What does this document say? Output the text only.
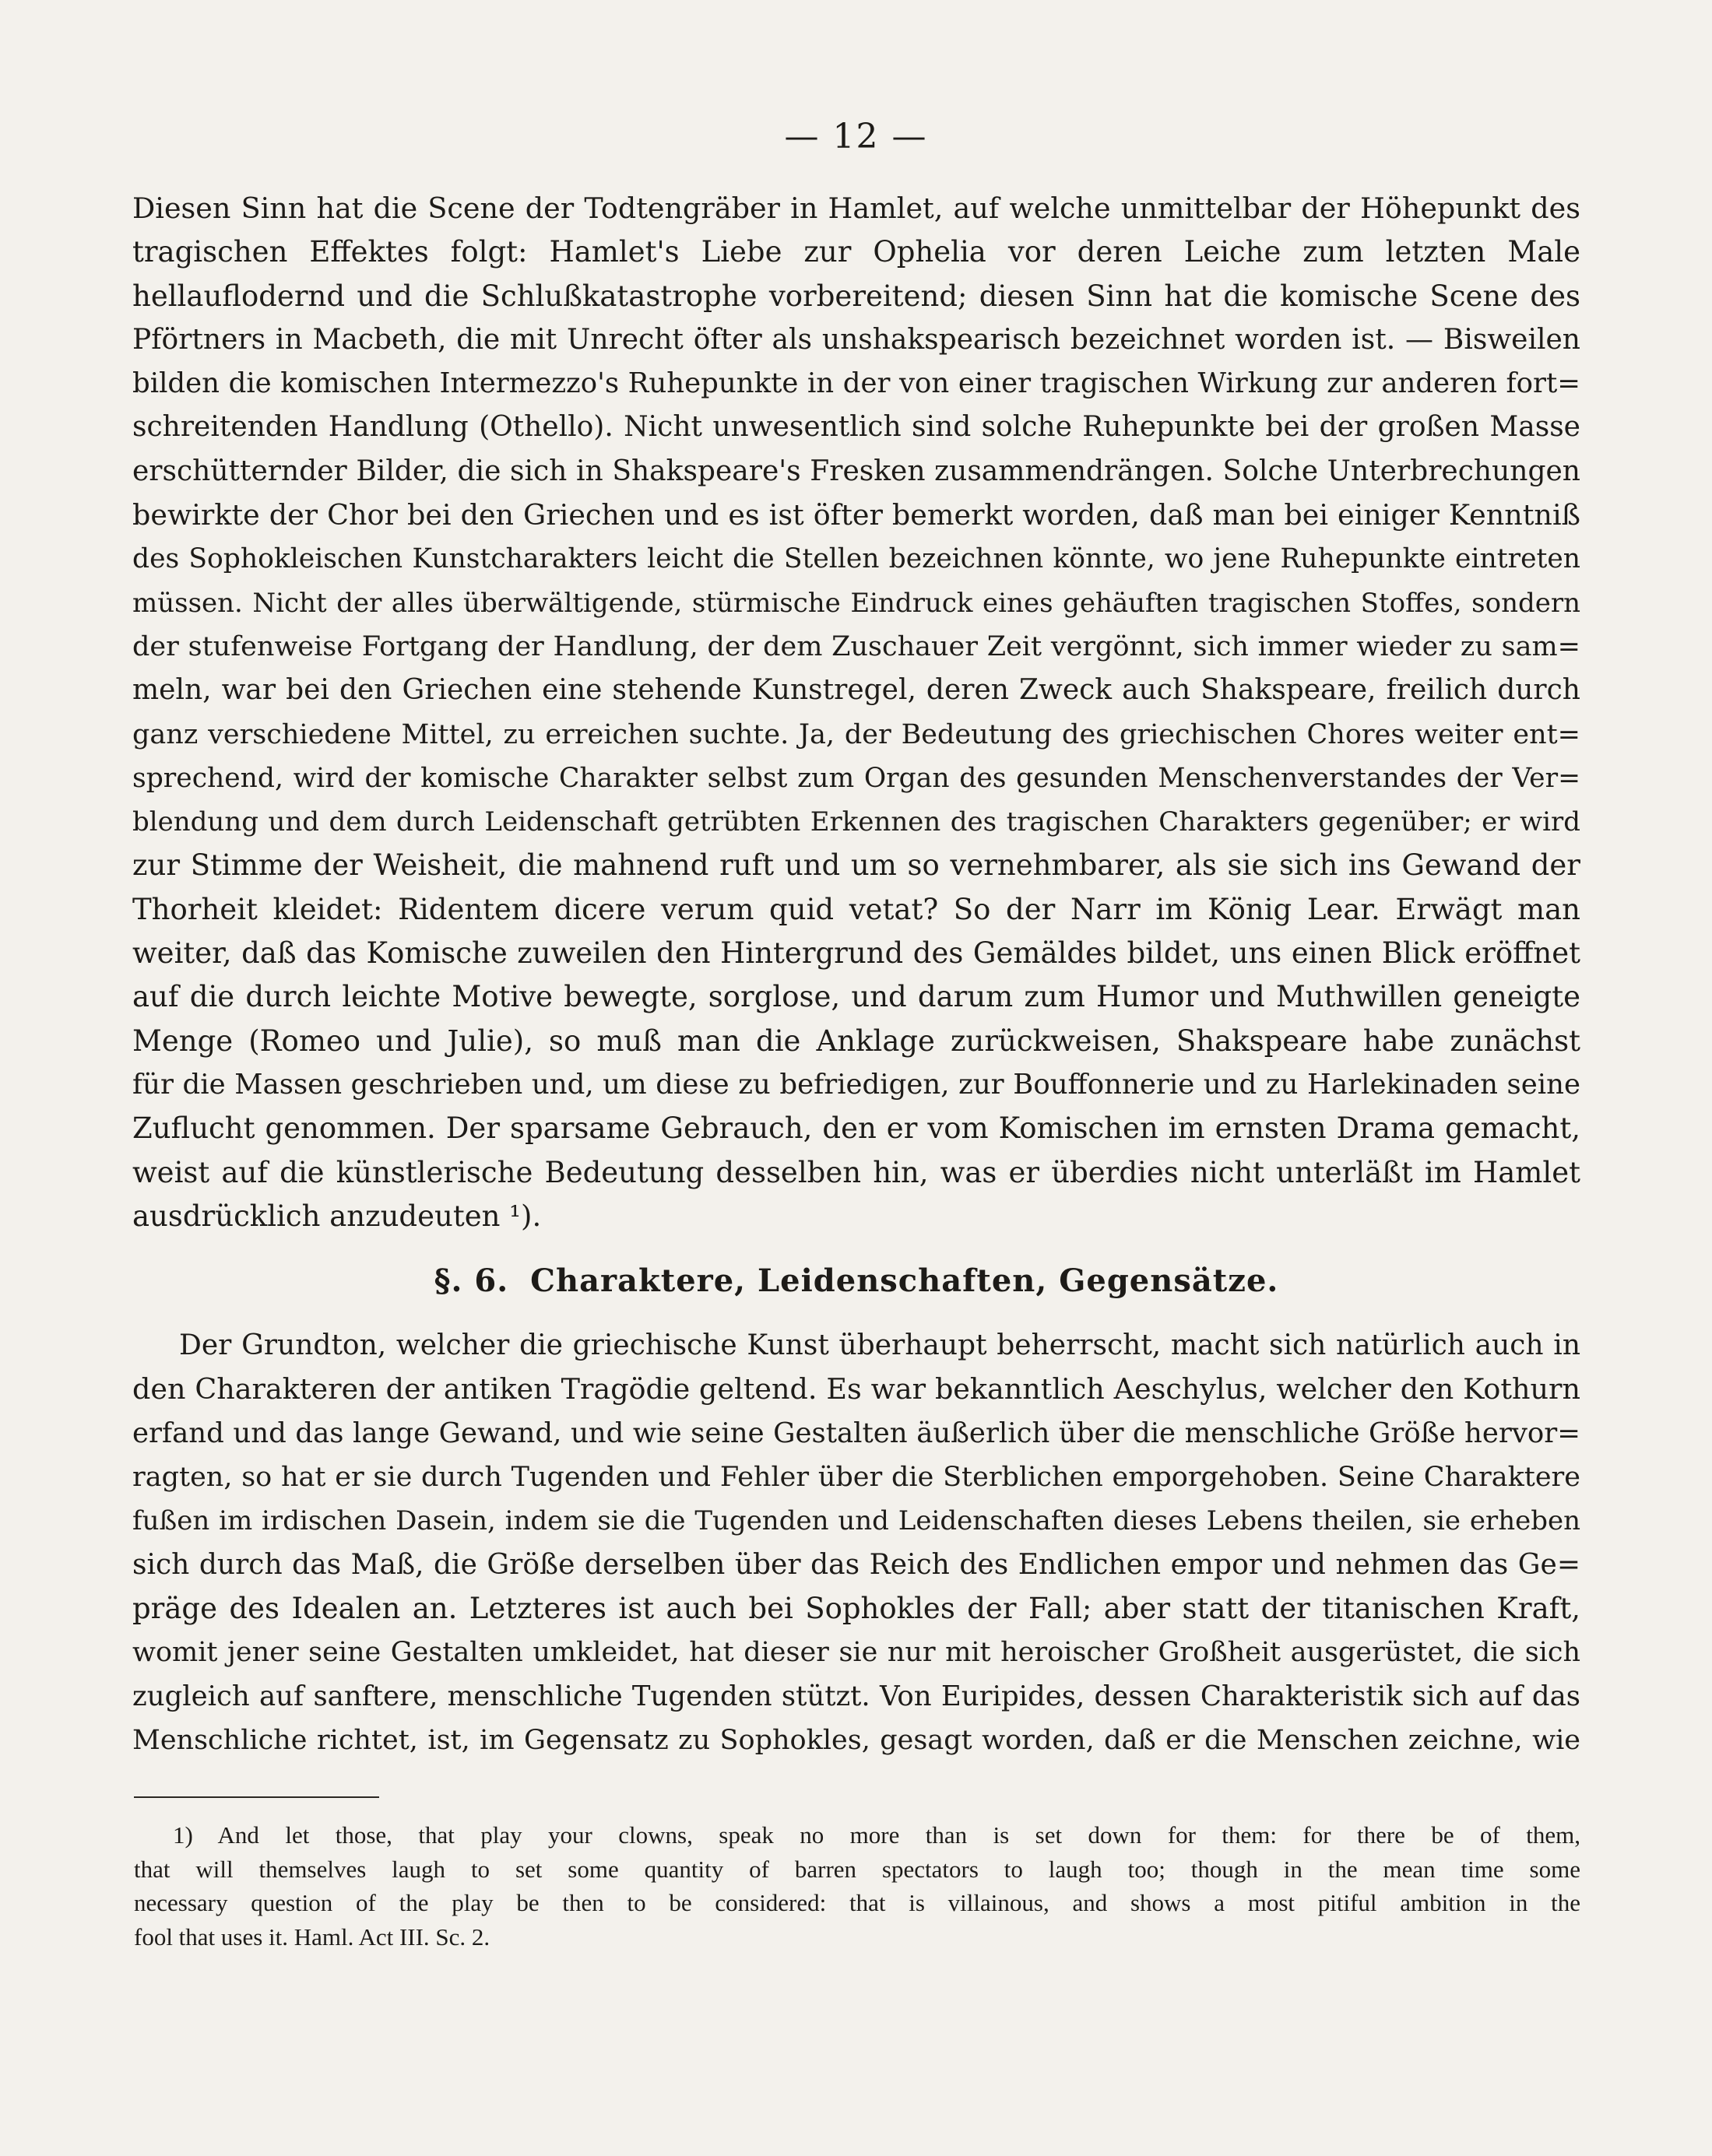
— 12 —
Diesen Sinn hat die Scene der Todtengräber in Hamlet, auf welche unmittelbar der Höhepunkt des
tragischen Effektes folgt: Hamlet's Liebe zur Ophelia vor deren Leiche zum letzten Male
hellauflodernd und die Schlußkatastrophe vorbereitend; diesen Sinn hat die komische Scene des
Pförtners in Macbeth, die mit Unrecht öfter als unshakspearisch bezeichnet worden ist. — Bisweilen
bilden die komischen Intermezzo's Ruhepunkte in der von einer tragischen Wirkung zur anderen fort=
schreitenden Handlung (Othello). Nicht unwesentlich sind solche Ruhepunkte bei der großen Masse
erschütternder Bilder, die sich in Shakspeare's Fresken zusammendrängen. Solche Unterbrechungen
bewirkte der Chor bei den Griechen und es ist öfter bemerkt worden, daß man bei einiger Kenntniß
des Sophokleischen Kunstcharakters leicht die Stellen bezeichnen könnte, wo jene Ruhepunkte eintreten
müssen. Nicht der alles überwältigende, stürmische Eindruck eines gehäuften tragischen Stoffes, sondern
der stufenweise Fortgang der Handlung, der dem Zuschauer Zeit vergönnt, sich immer wieder zu sam=
meln, war bei den Griechen eine stehende Kunstregel, deren Zweck auch Shakspeare, freilich durch
ganz verschiedene Mittel, zu erreichen suchte. Ja, der Bedeutung des griechischen Chores weiter ent=
sprechend, wird der komische Charakter selbst zum Organ des gesunden Menschenverstandes der Ver=
blendung und dem durch Leidenschaft getrübten Erkennen des tragischen Charakters gegenüber; er wird
zur Stimme der Weisheit, die mahnend ruft und um so vernehmbarer, als sie sich ins Gewand der
Thorheit kleidet: Ridentem dicere verum quid vetat? So der Narr im König Lear. Erwägt man
weiter, daß das Komische zuweilen den Hintergrund des Gemäldes bildet, uns einen Blick eröffnet
auf die durch leichte Motive bewegte, sorglose, und darum zum Humor und Muthwillen geneigte
Menge (Romeo und Julie), so muß man die Anklage zurückweisen, Shakspeare habe zunächst
für die Massen geschrieben und, um diese zu befriedigen, zur Bouffonnerie und zu Harlekinaden seine
Zuflucht genommen. Der sparsame Gebrauch, den er vom Komischen im ernsten Drama gemacht,
weist auf die künstlerische Bedeutung desselben hin, was er überdies nicht unterläßt im Hamlet
ausdrücklich anzudeuten ¹).
§. 6. Charaktere, Leidenschaften, Gegensätze.
Der Grundton, welcher die griechische Kunst überhaupt beherrscht, macht sich natürlich auch in
den Charakteren der antiken Tragödie geltend. Es war bekanntlich Aeschylus, welcher den Kothurn
erfand und das lange Gewand, und wie seine Gestalten äußerlich über die menschliche Größe hervor=
ragten, so hat er sie durch Tugenden und Fehler über die Sterblichen emporgehoben. Seine Charaktere
fußen im irdischen Dasein, indem sie die Tugenden und Leidenschaften dieses Lebens theilen, sie erheben
sich durch das Maß, die Größe derselben über das Reich des Endlichen empor und nehmen das Ge=
präge des Idealen an. Letzteres ist auch bei Sophokles der Fall; aber statt der titanischen Kraft,
womit jener seine Gestalten umkleidet, hat dieser sie nur mit heroischer Großheit ausgerüstet, die sich
zugleich auf sanftere, menschliche Tugenden stützt. Von Euripides, dessen Charakteristik sich auf das
Menschliche richtet, ist, im Gegensatz zu Sophokles, gesagt worden, daß er die Menschen zeichne, wie
1) And let those, that play your clowns, speak no more than is set down for them: for there be of them,
that will themselves laugh to set some quantity of barren spectators to laugh too; though in the mean time some
necessary question of the play be then to be considered: that is villainous, and shows a most pitiful ambition in the
fool that uses it. Haml. Act III. Sc. 2.
